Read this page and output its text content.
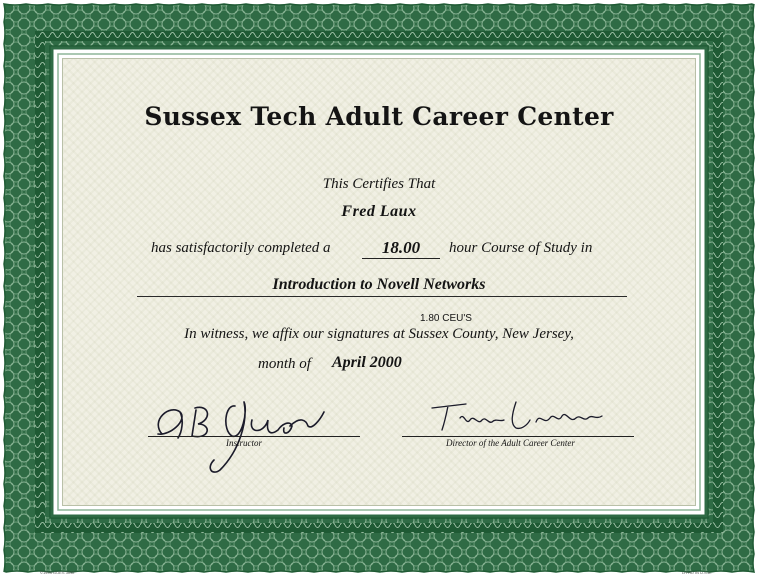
Sussex Tech Adult Career Center
This Certifies That
Fred Laux
has satisfactorily completed a	18.00	hour Course of Study in
Introduction to Novell Networks
1.80 CEU'S
In witness, we affix our signatures at Sussex County, New Jersey,
month of April 2000
Instructor	Director of the Adult Career Center
©1993 GOES 3092	LITHO IN U.S.A.
